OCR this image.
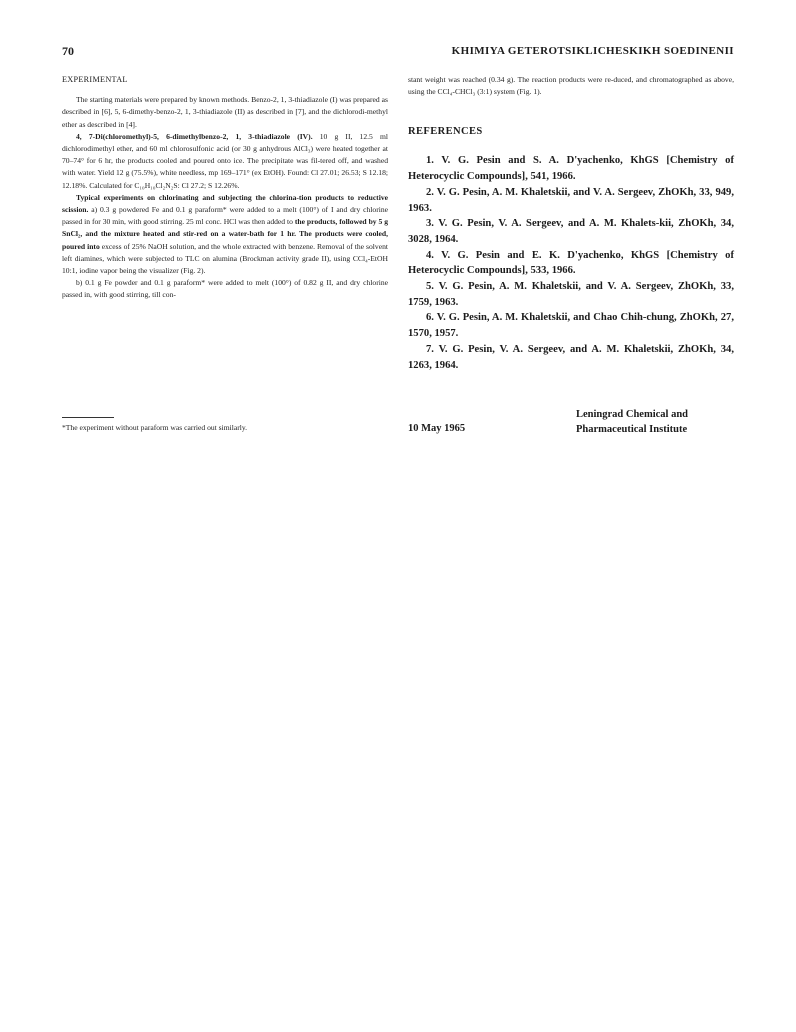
70	KHIMIYA GETEROTSIKLICHESKIKH SOEDINENII

EXPERIMENTAL

The starting materials were prepared by known methods. Benzo-2, 1, 3-thiadiazole (I) was prepared as described in [6], 5, 6-dimethy-benzo-2, 1, 3-thiadiazole (II) as described in [7], and the dichlorodi-methyl ether as described in [4].

4, 7-Di(chloromethyl)-5, 6-dimethylbenzo-2, 1, 3-thiadiazole (IV). 10 g II, 12.5 ml dichlorodimethyl ether, and 60 ml chlorosulfonic acid (or 30 g anhydrous AlCl₃) were heated together at 70–74° for 6 hr, the products cooled and poured onto ice. The precipitate was fil-tered off, and washed with water. Yield 12 g (75.5%), white needless, mp 169–171° (ex EtOH). Found: Cl 27.01; 26.53; S 12.18; 12.18%. Calculated for C₁₀H₁₀Cl₂N₂S: Cl 27.2; S 12.26%.

Typical experiments on chlorinating and subjecting the chlorina-tion products to reductive scission. a) 0.3 g powdered Fe and 0.1 g paraform* were added to a melt (100°) of I and dry chlorine passed in for 30 min, with good stirring. 25 ml conc. HCl was then added to the products, followed by 5 g SnCl₂, and the mixture heated and stir-red on a water-bath for 1 hr. The products were cooled, poured into excess of 25% NaOH solution, and the whole extracted with benzene. Removal of the solvent left diamines, which were subjected to TLC on alumina (Brockman activity grade II), using CCl₄-EtOH 10:1, iodine vapor being the visualizer (Fig. 2).

b) 0.1 g Fe powder and 0.1 g paraform* were added to melt (100°) of 0.82 g II, and dry chlorine passed in, with good stirring, till con-

stant weight was reached (0.34 g). The reaction products were re-duced, and chromatographed as above, using the CCl₄-CHCl₃ (3:1) system (Fig. 1).

REFERENCES
1. V. G. Pesin and S. A. D'yachenko, KhGS [Chemistry of Heterocyclic Compounds], 541, 1966.
2. V. G. Pesin, A. M. Khaletskii, and V. A. Sergeev, ZhOKh, 33, 949, 1963.
3. V. G. Pesin, V. A. Sergeev, and A. M. Khalets-kii, ZhOKh, 34, 3028, 1964.
4. V. G. Pesin and E. K. D'yachenko, KhGS [Chemistry of Heterocyclic Compounds], 533, 1966.
5. V. G. Pesin, A. M. Khaletskii, and V. A. Sergeev, ZhOKh, 33, 1759, 1963.
6. V. G. Pesin, A. M. Khaletskii, and Chao Chih-chung, ZhOKh, 27, 1570, 1957.
7. V. G. Pesin, V. A. Sergeev, and A. M. Khaletskii, ZhOKh, 34, 1263, 1964.
*The experiment without paraform was carried out similarly.	10 May 1965
Leningrad Chemical and
Pharmaceutical Institute
